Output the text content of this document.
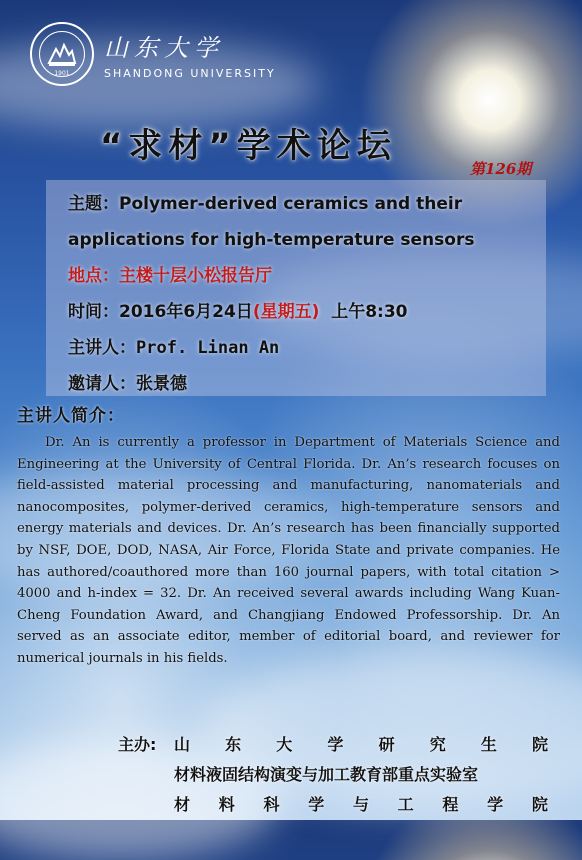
1901
山东大学
SHANDONG UNIVERSITY
“求材”学术论坛
第126期
主题：Polymer-derived ceramics and their
applications for high-temperature sensors
地点：主楼十层小松报告厅
时间：2016年6月24日(星期五) 上午8:30
主讲人：Prof. Linan An
邀请人：张景德
主讲人简介：
Dr. An is currently a professor in Department of Materials Science and Engineering at the University of Central Florida. Dr. An’s research focuses on field-assisted material processing and manufacturing, nanomaterials and nanocomposites, polymer-derived ceramics, high-temperature sensors and energy materials and devices. Dr. An’s research has been financially supported by NSF, DOE, DOD, NASA, Air Force, Florida State and private companies. He has authored/coauthored more than 160 journal papers, with total citation > 4000 and h-index = 32. Dr. An received several awards including Wang Kuan-Cheng Foundation Award, and Changjiang Endowed Professorship. Dr. An served as an associate editor, member of editorial board, and reviewer for numerical journals in his fields.
主办:	山 东 大 学 研 究 生 院
材料液固结构演变与加工教育部重点实验室
材 料 科 学 与 工 程 学 院
